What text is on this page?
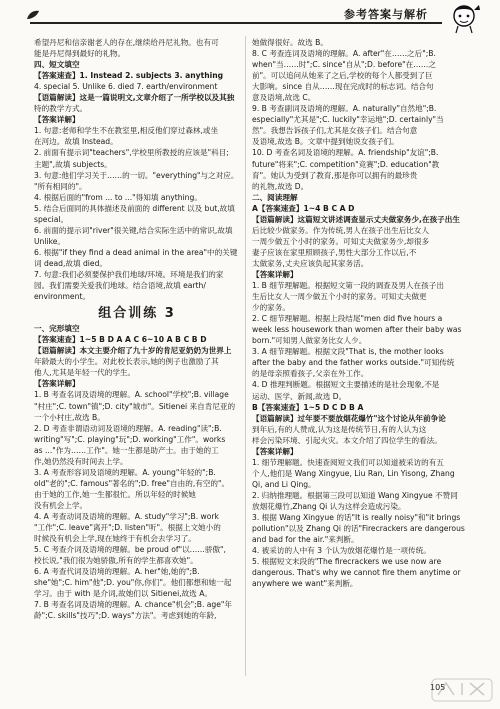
参考答案与解析
希望丹尼和信亲谢老人的存在,继续给丹尼礼物。也有可
能是丹尼得到最好的礼物。
四、短文填空
【答案速查】1. Instead 2. subjects 3. anything
4. special 5. Unlike 6. died 7. earth/environment
【语篇解读】这是一篇说明文,文章介绍了一所学校以及其独
特的教学方式。
【答案详解】
1. 句意:老师和学生不在教室里,相反他们穿过森林,或坐
在河边。故填 Instead。
2. 前面有提示词"teachers",学校里所教授的应该是"科目;
主题",故填 subjects。
3. 句意:他们学习关于……的一切。"everything"与之对应。
"所有相同的"。
4. 根据后面的"from ... to ..."得知填 anything。
5. 结合后面同的具体描述及前面的 different 以及 but,故填
special。
6. 前面的提示词"river"很关键,结合实际生活中的常识,故填
Unlike。
6. 根据"if they find a dead animal in the area"中的关键
词 dead,故填 died。
7. 句意:我们必须要保护我们地球/环境。环境是我们的家
园。我们需要关爱我们地球。结合语境,故填 earth/
environment。
组合训练 3
一、完形填空
【答案速查】1~5 B D A A C 6~10 A B C B D
【语篇解读】本文主要介绍了九十岁的肯尼亚奶奶为世界上
年龄最大的小学生。对此校长表示,她的例子也激励了其
他人,尤其是年轻一代的学生。
【答案详解】
1. B 考查名词及语境的理解。A. school"学校";B. village
"村庄";C. town"镇";D. city"城市"。Sitienei 来自肯尼亚的
一个小村庄,故选 B。
2. D 考查非谓语动词及语境的理解。A. reading"读";B.
writing"写";C. playing"玩";D. working"工作"。works
as ..."作为……工作"。她一生都是助产士。由于她的工
作,她仍然没有时间去上学。
3. A 考查形容词及语境的理解。A. young"年轻的";B.
old"老的";C. famous"著名的";D. free"自由的,有空的"。
由于她的工作,她一生都很忙。所以年轻的时候她
没有机会上学。
4. A 考查动词及语境的理解。A. study"学习";B. work
"工作";C. leave"离开";D. listen"听"。根据上文她小的
时候没有机会上学,现在她终于有机会去学习了。
5. C 考查介词及语境的理解。be proud of"以……骄傲",
校长说,"我们很为她骄傲,所有的学生都喜欢她"。
6. A 考查代词及语境的理解。A. her"她,她的";B.
she"她";C. him"他";D. you"你,你们"。他们都想和她一起
学习。由于 with 是介词,故她们以 Sitienei,故选 A。
7. B 考查名词及语境的理解。A. chance"机会";B. age"年
龄";C. skills"技巧";D. ways"方法"。考虑到她的年龄,
她做得很好。故选 B。
8. C 考查连词及语境的理解。A. after"在……之后";B.
when"当……时";C. since"自从";D. before"在……之
前"。可以追问从她来了之后,学校的每个人都受到了巨
大影响。since 自从……现在完成时的标志词。结合句
意及语境,故选 C。
9. B 考查副词及语境的理解。A. naturally"自然地";B.
especially"尤其是";C. luckily"幸运地";D. certainly"当
然"。我想告诉孩子们,尤其是女孩子们。结合句意
及语境,故选 B。文章中提到她说女孩子们。
10. D 考查名词及语境的理解。A. friendship"友谊";B.
future"将来";C. competition"竞赛";D. education"教
育"。她认为受到了教育,那是你可以拥有的最珍贵
的礼物,故选 D。
二、阅读理解
A【答案速查】1~4 B C A D
【语篇解读】这篇短文讲述调查显示丈夫做家务少,在孩子出生
后比较少做家务。作为传统,男人在孩子出生后比女人
一周少做五个小时的家务。可知丈夫做家务少,却很多
妻子应该在家里照顾孩子,男性大部分工作以后,不
太做家务,丈夫应该负起其家务活。
【答案详解】
1. B 细节理解题。根据短文第一段的调查及男人在孩子出
生后比女人一周少做五个小时的家务。可知丈夫做更
少的家务。
2. C 细节理解题。根据上段结尾"men did five hours a
week less housework than women after their baby was
born."可知男人做家务比女人少。
3. A 细节理解题。根据文段"That is, the mother looks
after the baby and the father works outside."可知传统
的是母亲照看孩子,父亲在外工作。
4. D 推理判断题。根据短文主要描述的是社会现象,不是
运动、医学、新闻,故选 D。
B【答案速查】1~5 D C D B A
【语篇解读】过年要不要放烟花爆竹"这个讨论从年前争论
到年后,有的人赞成,认为这是传统节日,有的人认为这
样会污染环境、引起火灾。本文介绍了四位学生的看法。
【答案详解】
1. 细节理解题。快速查阅短文我们可以知道被采访的有五
个人,他们是 Wang Xingyue, Liu Ran, Lin Yisong, Zhang
Qi, and Li Qing。
2. 归纳推理题。根据第三段可以知道 Wang Xingyue 不赞同
放烟花爆竹,Zhang Qi 认为这样会造成污染。
3. 根据 Wang Xingyue 的话"It is really noisy"和"it brings
pollution"以及 Zhang Qi 的话"Firecrackers are dangerous
and bad for the air."来判断。
4. 被采访的人中有 3 个认为放烟花爆竹是一项传统。
5. 根据短文末段的"The firecrackers we use now are
dangerous. That's why we cannot fire them anytime or
anywhere we want"来判断。
105
